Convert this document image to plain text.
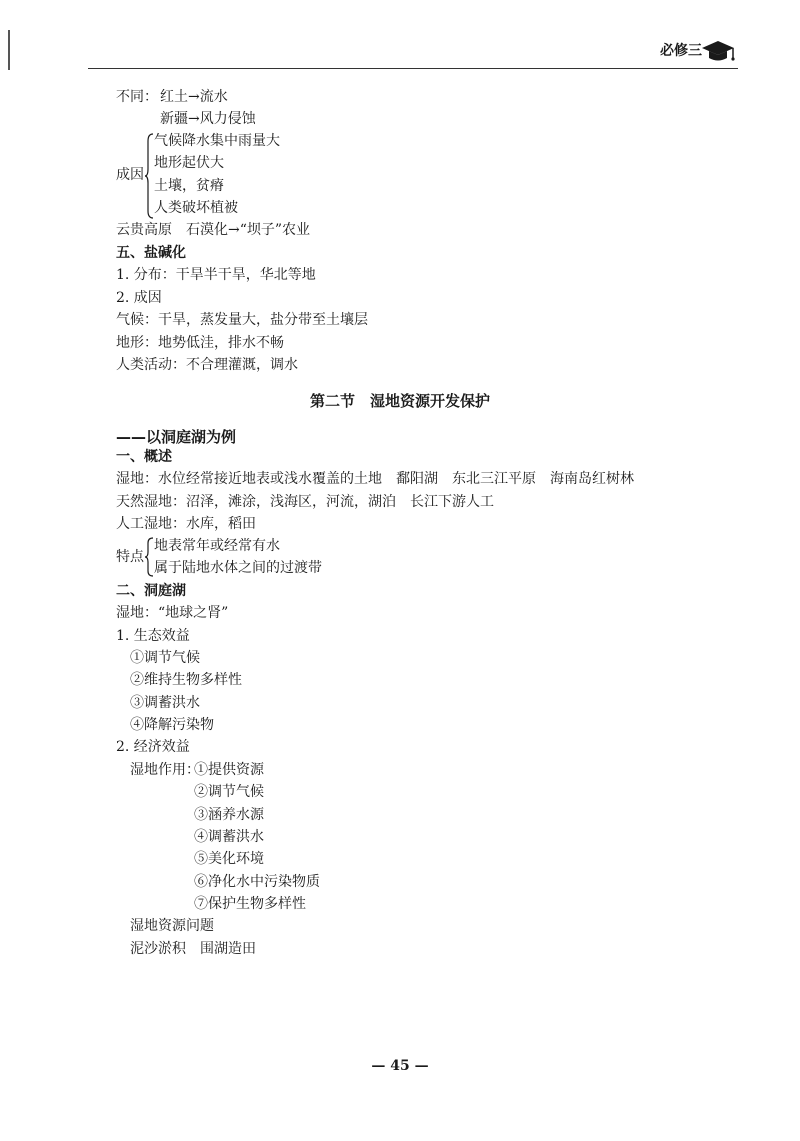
必修三
不同： 红土→流水
新疆→风力侵蚀
成因
气候降水集中雨量大
地形起伏大
土壤，贫瘠
人类破坏植被
云贵高原　石漠化→“坝子”农业
五、盐碱化
1. 分布：干旱半干旱，华北等地
2. 成因
气候：干旱，蒸发量大，盐分带至土壤层
地形：地势低洼，排水不畅
人类活动：不合理灌溉，调水
第二节　湿地资源开发保护
——以洞庭湖为例
一、概述
湿地：水位经常接近地表或浅水覆盖的土地　鄱阳湖　东北三江平原　海南岛红树林
天然湿地：沼泽，滩涂，浅海区，河流，湖泊　长江下游人工
人工湿地：水库，稻田
特点
地表常年或经常有水
属于陆地水体之间的过渡带
二、洞庭湖
湿地：“地球之肾”
1. 生态效益
①调节气候
②维持生物多样性
③调蓄洪水
④降解污染物
2. 经济效益
湿地作用：
①提供资源
②调节气候
③涵养水源
④调蓄洪水
⑤美化环境
⑥净化水中污染物质
⑦保护生物多样性
湿地资源问题
泥沙淤积　围湖造田
— 45 —
